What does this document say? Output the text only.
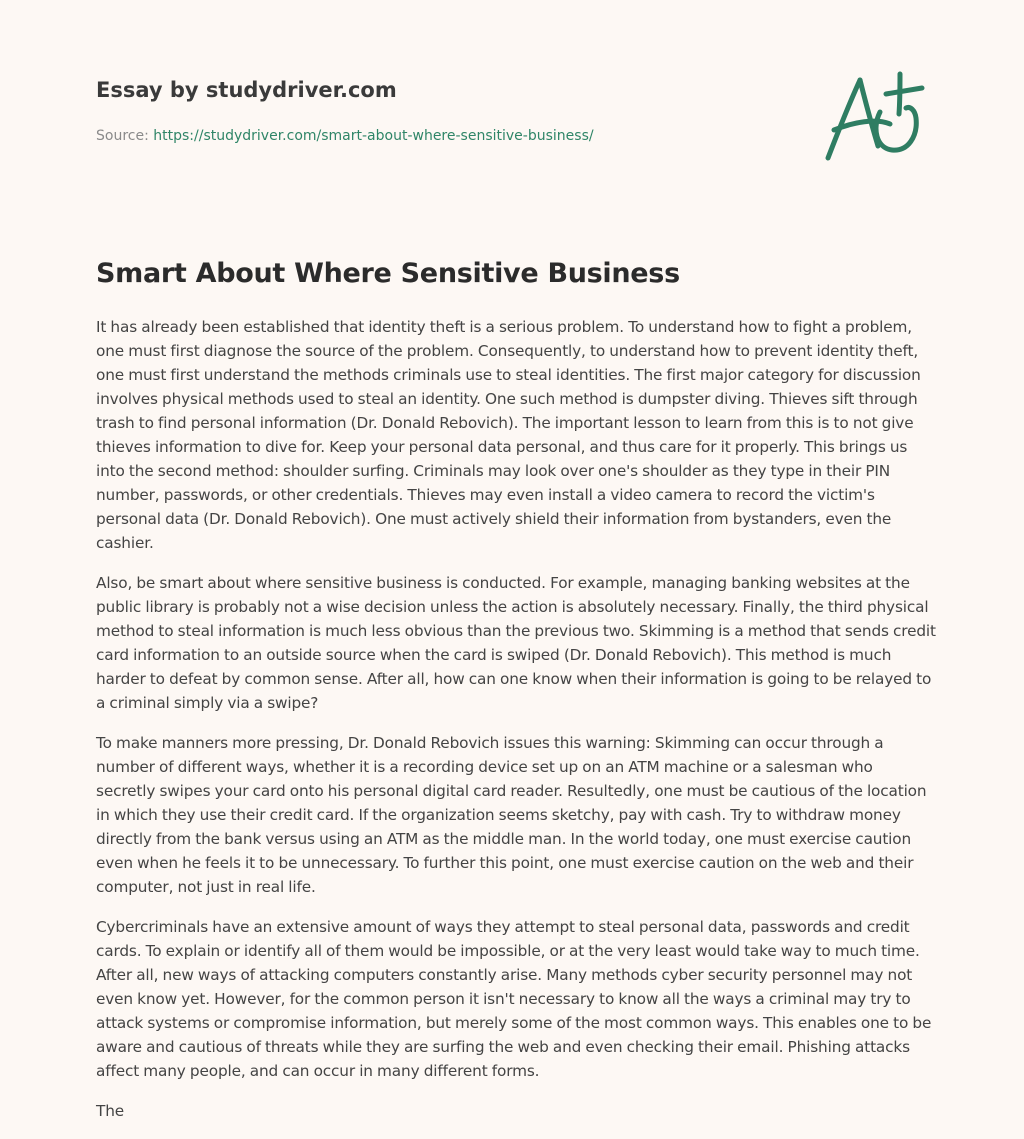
Essay by studydriver.com
Source: https://studydriver.com/smart-about-where-sensitive-business/
Smart About Where Sensitive Business

It has already been established that identity theft is a serious problem. To understand how to fight a problem, one must first diagnose the source of the problem. Consequently, to understand how to prevent identity theft, one must first understand the methods criminals use to steal identities. The first major category for discussion involves physical methods used to steal an identity. One such method is dumpster diving. Thieves sift through trash to find personal information (Dr. Donald Rebovich). The important lesson to learn from this is to not give thieves information to dive for. Keep your personal data personal, and thus care for it properly. This brings us into the second method: shoulder surfing. Criminals may look over one's shoulder as they type in their PIN number, passwords, or other credentials. Thieves may even install a video camera to record the victim's personal data (Dr. Donald Rebovich). One must actively shield their information from bystanders, even the cashier.

Also, be smart about where sensitive business is conducted. For example, managing banking websites at the public library is probably not a wise decision unless the action is absolutely necessary. Finally, the third physical method to steal information is much less obvious than the previous two. Skimming is a method that sends credit card information to an outside source when the card is swiped (Dr. Donald Rebovich). This method is much harder to defeat by common sense. After all, how can one know when their information is going to be relayed to a criminal simply via a swipe?

To make manners more pressing, Dr. Donald Rebovich issues this warning: Skimming can occur through a number of different ways, whether it is a recording device set up on an ATM machine or a salesman who secretly swipes your card onto his personal digital card reader. Resultedly, one must be cautious of the location in which they use their credit card. If the organization seems sketchy, pay with cash. Try to withdraw money directly from the bank versus using an ATM as the middle man. In the world today, one must exercise caution even when he feels it to be unnecessary. To further this point, one must exercise caution on the web and their computer, not just in real life.

Cybercriminals have an extensive amount of ways they attempt to steal personal data, passwords and credit cards. To explain or identify all of them would be impossible, or at the very least would take way to much time. After all, new ways of attacking computers constantly arise. Many methods cyber security personnel may not even know yet. However, for the common person it isn't necessary to know all the ways a criminal may try to attack systems or compromise information, but merely some of the most common ways. This enables one to be aware and cautious of threats while they are surfing the web and even checking their email. Phishing attacks affect many people, and can occur in many different forms.

The
